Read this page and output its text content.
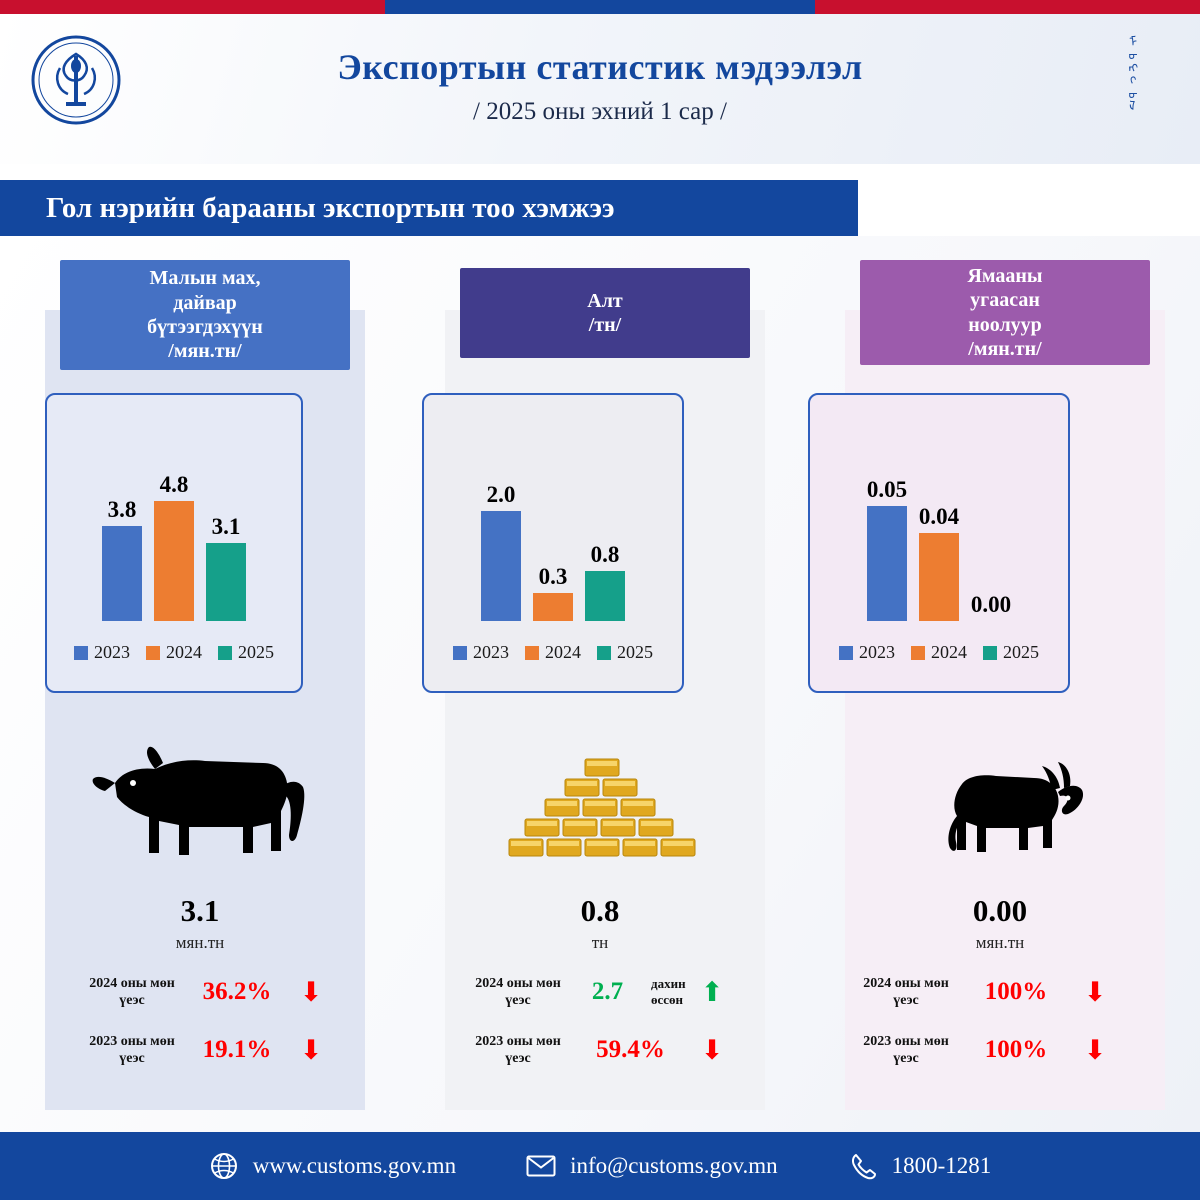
Экспортын статистик мэдээлэл
/ 2025 оны эхний 1 сар /	ᠮᠣᠩᠭᠣᠯ
Гол нэрийн барааны экспортын тоо хэмжээ
Малын мах,
дайвар
бүтээгдэхүүн
/мян.тн/
3.8
4.8
3.1
2023 2024 2025
3.1
мян.тн
2024 оны мөн үеэс	36.2%	⬇
2023 оны мөн үеэс	19.1%	⬇
Алт
/тн/
2.0
0.3
0.8
2023 2024 2025
0.8
тн
2024 оны мөн үеэс	2.7	дахин өссөн ⬆
2023 оны мөн үеэс	59.4%	⬇
Ямааны
угаасан
ноолуур
/мян.тн/
0.05
0.04
0.00
2023 2024 2025
0.00
мян.тн
2024 оны мөн үеэс	100%	⬇
2023 оны мөн үеэс	100%	⬇
www.customs.gov.mn	info@customs.gov.mn	1800-1281
